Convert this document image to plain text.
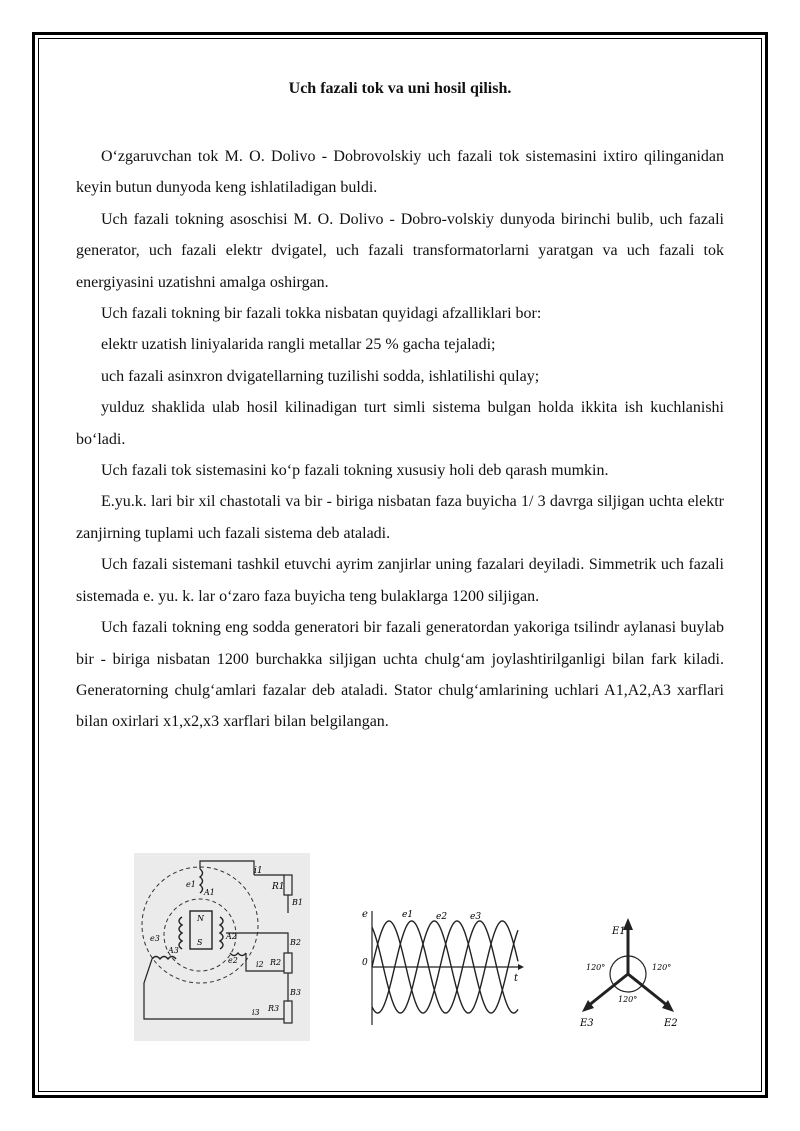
Uch fazali tok va uni hosil qilish.

O‘zgaruvchan tok M. O. Dolivo - Dobrovolskiy uch fazali tok sistemasini ixtiro qilinganidan keyin butun dunyoda keng ishlatiladigan buldi.

Uch fazali tokning asoschisi M. O. Dolivo - Dobro-volskiy dunyoda birinchi bulib, uch fazali generator, uch fazali elektr dvigatel, uch fazali transformatorlarni yaratgan va uch fazali tok energiyasini uzatishni amalga oshirgan.

Uch fazali tokning bir fazali tokka nisbatan quyidagi afzalliklari bor:

elektr uzatish liniyalarida rangli metallar 25 % gacha tejaladi;

uch fazali asinxron dvigatellarning tuzilishi sodda, ishlatilishi qulay;

yulduz shaklida ulab hosil kilinadigan turt simli sistema bulgan holda ikkita ish kuchlanishi bo‘ladi.

Uch fazali tok sistemasini ko‘p fazali tokning xususiy holi deb qarash mumkin.

E.yu.k. lari bir xil chastotali va bir - biriga nisbatan faza buyicha 1/ 3 davrga siljigan uchta elektr zanjirning tuplami uch fazali sistema deb ataladi.

Uch fazali sistemani tashkil etuvchi ayrim zanjirlar uning fazalari deyiladi. Simmetrik uch fazali sistemada e. yu. k. lar o‘zaro faza buyicha teng bulaklarga 1200 siljigan.

Uch fazali tokning eng sodda generatori bir fazali generatordan yakoriga tsilindr aylanasi buylab bir - biriga nisbatan 1200 burchakka siljigan uchta chulg‘am joylashtirilganligi bilan fark kiladi. Generatorning chulg‘amlari fazalar deb ataladi. Stator chulg‘amlarining uchlari A1,A2,A3 xarflari bilan oxirlari x1,x2,x3 xarflari bilan belgilangan.

i1
R1
B1
A1
e1
N
S
A2
B2
e3
A3
e2 i2 R2
B3
i3 R3
e
0
t
e1	e2	e3
E1
E2
E3
120°	120°
120°
